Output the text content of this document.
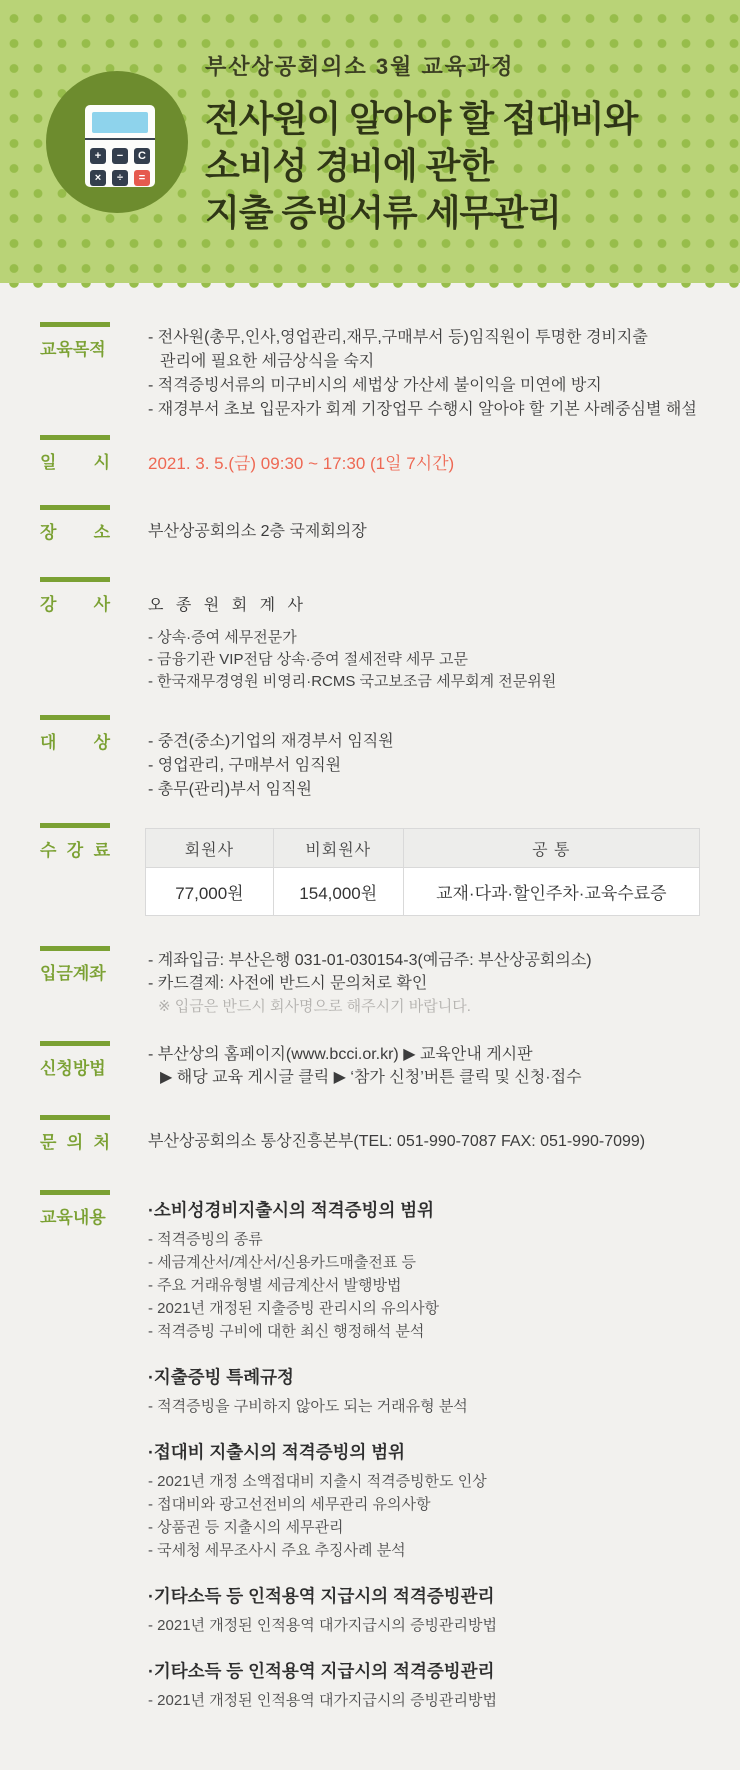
+	−	C
×	÷	=
부산상공회의소 3월 교육과정
전사원이 알아야 할 접대비와
소비성 경비에 관한
지출 증빙서류 세무관리
교육목적
- 전사원(총무,인사,영업관리,재무,구매부서 등)임직원이 투명한 경비지출
관리에 필요한 세금상식을 숙지
- 적격증빙서류의 미구비시의 세법상 가산세 불이익을 미연에 방지
- 재경부서 초보 입문자가 회계 기장업무 수행시 알아야 할 기본 사례중심별 해설
일 시 2021. 3. 5.(금) 09:30 ~ 17:30 (1일 7시간)
장 소 부산상공회의소 2층 국제회의장
강 사 오 종 원 회 계 사
- 상속·증여 세무전문가
- 금융기관 VIP전담 상속·증여 절세전략 세무 고문
- 한국재무경영원 비영리·RCMS 국고보조금 세무회계 전문위원
대 상 - 중견(중소)기업의 재경부서 임직원
- 영업관리, 구매부서 임직원
- 총무(관리)부서 임직원
수 강 료	회원사	비회원사	공 통
77,000원	154,000원	교재·다과·할인주차·교육수료증
입금계좌
- 계좌입금: 부산은행 031-01-030154-3(예금주: 부산상공회의소)
- 카드결제: 사전에 반드시 문의처로 확인
※ 입금은 반드시 회사명으로 해주시기 바랍니다.
신청방법
- 부산상의 홈페이지(www.bcci.or.kr) ▶ 교육안내 게시판
▶ 해당 교육 게시글 클릭 ▶ ‘참가 신청’버튼 클릭 및 신청·접수
문 의 처 부산상공회의소 통상진흥본부(TEL: 051-990-7087 FAX: 051-990-7099)
교육내용 ·소비성경비지출시의 적격증빙의 범위
- 적격증빙의 종류
- 세금계산서/계산서/신용카드매출전표 등
- 주요 거래유형별 세금계산서 발행방법
- 2021년 개정된 지출증빙 관리시의 유의사항
- 적격증빙 구비에 대한 최신 행정해석 분석
·지출증빙 특례규정
- 적격증빙을 구비하지 않아도 되는 거래유형 분석
·접대비 지출시의 적격증빙의 범위
- 2021년 개정 소액접대비 지출시 적격증빙한도 인상
- 접대비와 광고선전비의 세무관리 유의사항
- 상품권 등 지출시의 세무관리
- 국세청 세무조사시 주요 추징사례 분석
·기타소득 등 인적용역 지급시의 적격증빙관리
- 2021년 개정된 인적용역 대가지급시의 증빙관리방법
·기타소득 등 인적용역 지급시의 적격증빙관리
- 2021년 개정된 인적용역 대가지급시의 증빙관리방법
